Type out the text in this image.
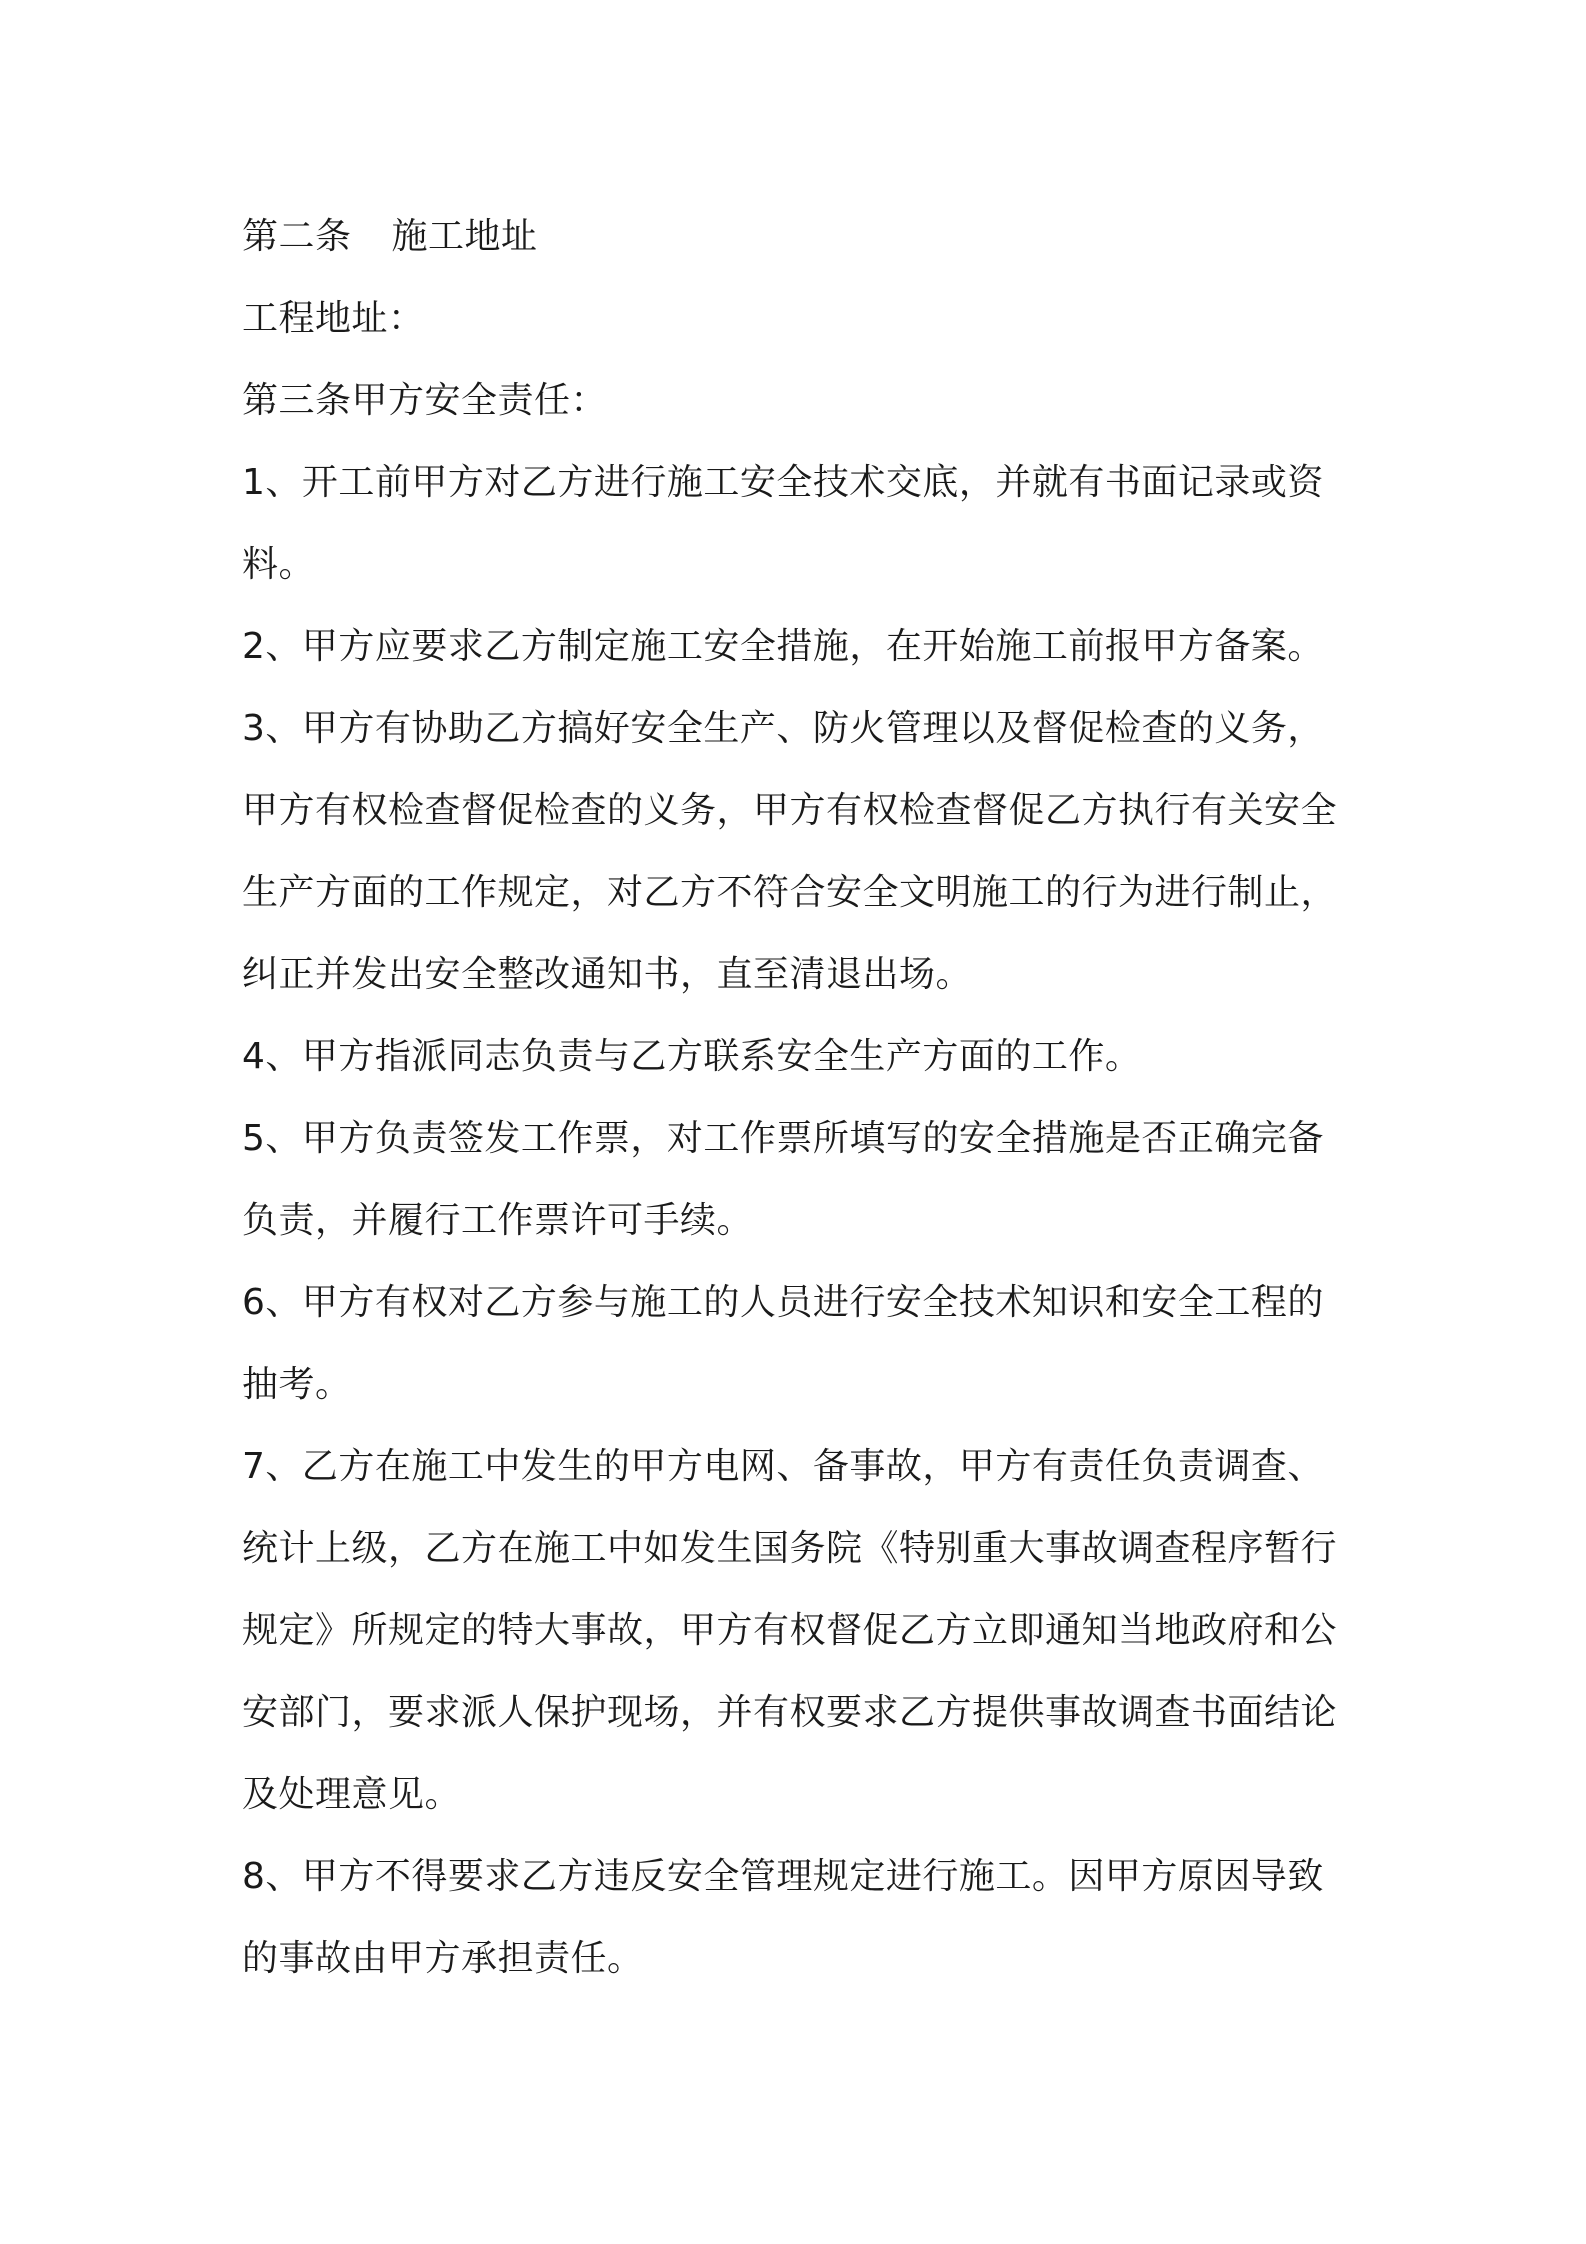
第二条 施工地址
工程地址：
第三条甲方安全责任：
1、开工前甲方对乙方进行施工安全技术交底，并就有书面记录或资
料。
2、甲方应要求乙方制定施工安全措施，在开始施工前报甲方备案。
3、甲方有协助乙方搞好安全生产、防火管理以及督促检查的义务，
甲方有权检查督促检查的义务，甲方有权检查督促乙方执行有关安全
生产方面的工作规定，对乙方不符合安全文明施工的行为进行制止，
纠正并发出安全整改通知书，直至清退出场。
4、甲方指派同志负责与乙方联系安全生产方面的工作。
5、甲方负责签发工作票，对工作票所填写的安全措施是否正确完备
负责，并履行工作票许可手续。
6、甲方有权对乙方参与施工的人员进行安全技术知识和安全工程的
抽考。
7、乙方在施工中发生的甲方电网、备事故，甲方有责任负责调查、
统计上级，乙方在施工中如发生国务院《特别重大事故调查程序暂行
规定》所规定的特大事故，甲方有权督促乙方立即通知当地政府和公
安部门，要求派人保护现场，并有权要求乙方提供事故调查书面结论
及处理意见。
8、甲方不得要求乙方违反安全管理规定进行施工。因甲方原因导致
的事故由甲方承担责任。
